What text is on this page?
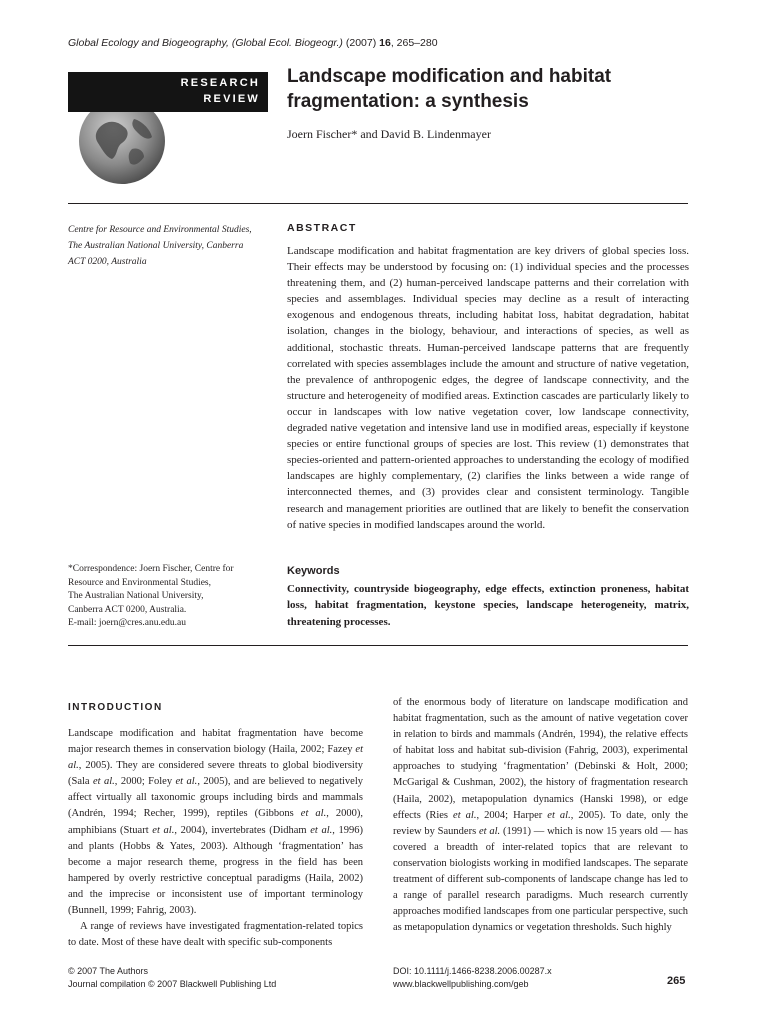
Global Ecology and Biogeography, (Global Ecol. Biogeogr.) (2007) 16, 265–280
RESEARCH
REVIEW
Landscape modification and habitat fragmentation: a synthesis
Joern Fischer* and David B. Lindenmayer
Centre for Resource and Environmental Studies,
The Australian National University, Canberra
ACT 0200, Australia
*Correspondence: Joern Fischer, Centre for
Resource and Environmental Studies,
The Australian National University,
Canberra ACT 0200, Australia.
E-mail: joern@cres.anu.edu.au
ABSTRACT
Landscape modification and habitat fragmentation are key drivers of global species loss. Their effects may be understood by focusing on: (1) individual species and the processes threatening them, and (2) human-perceived landscape patterns and their correlation with species and assemblages. Individual species may decline as a result of interacting exogenous and endogenous threats, including habitat loss, habitat degradation, habitat isolation, changes in the biology, behaviour, and interactions of species, as well as additional, stochastic threats. Human-perceived landscape patterns that are frequently correlated with species assemblages include the amount and structure of native vegetation, the prevalence of anthropogenic edges, the degree of landscape connectivity, and the structure and heterogeneity of modified areas. Extinction cascades are particularly likely to occur in landscapes with low native vegetation cover, low landscape connectivity, degraded native vegetation and intensive land use in modified areas, especially if keystone species or entire functional groups of species are lost. This review (1) demonstrates that species-oriented and pattern-oriented approaches to understanding the ecology of modified landscapes are highly complementary, (2) clarifies the links between a wide range of interconnected themes, and (3) provides clear and consistent terminology. Tangible research and management priorities are outlined that are likely to benefit the conservation of native species in modified landscapes around the world.
Keywords
Connectivity, countryside biogeography, edge effects, extinction proneness, habitat loss, habitat fragmentation, keystone species, landscape heterogeneity, matrix, threatening processes.
INTRODUCTION
Landscape modification and habitat fragmentation have become major research themes in conservation biology (Haila, 2002; Fazey et al., 2005). They are considered severe threats to global biodiversity (Sala et al., 2000; Foley et al., 2005), and are believed to negatively affect virtually all taxonomic groups including birds and mammals (Andrén, 1994; Recher, 1999), reptiles (Gibbons et al., 2000), amphibians (Stuart et al., 2004), invertebrates (Didham et al., 1996) and plants (Hobbs & Yates, 2003). Although ‘fragmentation’ has become a major research theme, progress in the field has been hampered by overly restrictive conceptual paradigms (Haila, 2002) and the imprecise or inconsistent use of important terminology (Bunnell, 1999; Fahrig, 2003).
A range of reviews have investigated fragmentation-related topics to date. Most of these have dealt with specific sub-components
of the enormous body of literature on landscape modification and habitat fragmentation, such as the amount of native vegetation cover in relation to birds and mammals (Andrén, 1994), the relative effects of habitat loss and habitat sub-division (Fahrig, 2003), experimental approaches to studying ‘fragmentation’ (Debinski & Holt, 2000; McGarigal & Cushman, 2002), the history of fragmentation research (Haila, 2002), metapopulation dynamics (Hanski 1998), or edge effects (Ries et al., 2004; Harper et al., 2005). To date, only the review by Saunders et al. (1991) — which is now 15 years old — has covered a breadth of inter-related topics that are relevant to conservation biologists working in modified landscapes. The separate treatment of different sub-components of landscape change has led to a range of parallel research paradigms. Much research currently approaches modified landscapes from one particular perspective, such as metapopulation dynamics or vegetation thresholds. Such highly
© 2007 The Authors
Journal compilation © 2007 Blackwell Publishing Ltd
DOI: 10.1111/j.1466-8238.2006.00287.x
www.blackwellpublishing.com/geb	265
